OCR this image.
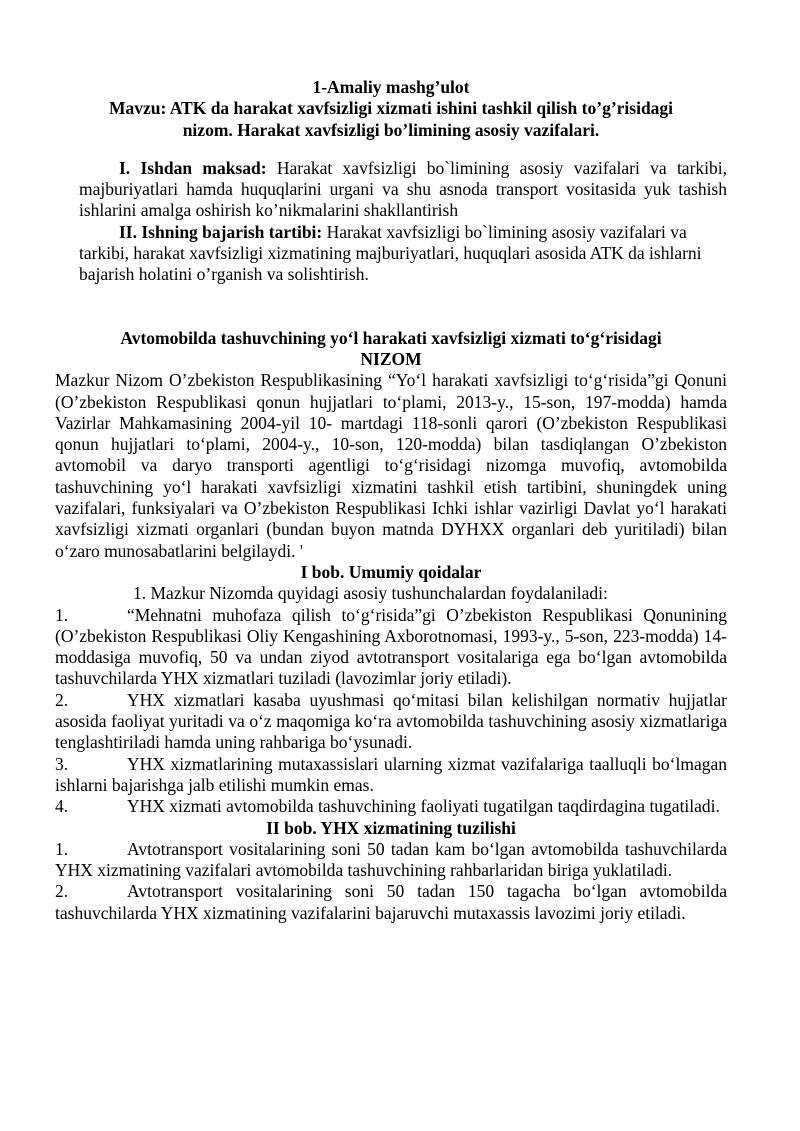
1-Amaliy mashg’ulot

Mavzu: ATK da harakat xavfsizligi xizmati ishini tashkil qilish to’g’risidagi

nizom. Harakat xavfsizligi bo’limining asosiy vazifalari.

I. Ishdan maksad: Harakat xavfsizligi bo`limining asosiy vazifalari va tarkibi, majburiyatlari hamda huquqlarini urgani va shu asnoda transport vositasida yuk tashish ishlarini amalga oshirish ko’nikmalarini shakllantirish

II. Ishning bajarish tartibi: Harakat xavfsizligi bo`limining asosiy vazifalari va tarkibi, harakat xavfsizligi xizmatining majburiyatlari, huquqlari asosida ATK da ishlarni bajarish holatini o’rganish va solishtirish.

Avtomobilda tashuvchining yo‘l harakati xavfsizligi xizmati to‘g‘risidagi

NIZOM

Mazkur Nizom O’zbekiston Respublikasining “Yo‘l harakati xavfsizligi to‘g‘risida”gi Qonuni (O’zbekiston Respublikasi qonun hujjatlari to‘plami, 2013-y., 15-son, 197-modda) hamda Vazirlar Mahkamasining 2004-yil 10- martdagi 118-sonli qarori (O’zbekiston Respublikasi qonun hujjatlari to‘plami, 2004-y., 10-son, 120-modda) bilan tasdiqlangan O’zbekiston avtomobil va daryo transporti agentligi to‘g‘risidagi nizomga muvofiq, avtomobilda tashuvchining yo‘l harakati xavfsizligi xizmatini tashkil etish tartibini, shuningdek uning vazifalari, funksiyalari va O’zbekiston Respublikasi Ichki ishlar vazirligi Davlat yo‘l harakati xavfsizligi xizmati organlari (bundan buyon matnda DYHXX organlari deb yuritiladi) bilan o‘zaro munosabatlarini belgilaydi. '

I bob. Umumiy qoidalar

1. Mazkur Nizomda quyidagi asosiy tushunchalardan foydalaniladi:

1.	“Mehnatni muhofaza qilish to‘g‘risida”gi O’zbekiston Respublikasi Qonunining (O’zbekiston Respublikasi Oliy Kengashining Axborotnomasi, 1993-y., 5-son, 223-modda) 14-moddasiga muvofiq, 50 va undan ziyod avtotransport vositalariga ega bo‘lgan avtomobilda tashuvchilarda YHX xizmatlari tuziladi (lavozimlar joriy etiladi).

2.	YHX xizmatlari kasaba uyushmasi qo‘mitasi bilan kelishilgan normativ hujjatlar asosida faoliyat yuritadi va o‘z maqomiga ko‘ra avtomobilda tashuvchining asosiy xizmatlariga tenglashtiriladi hamda uning rahbariga bo‘ysunadi.

3.	YHX xizmatlarining mutaxassislari ularning xizmat vazifalariga taalluqli bo‘lmagan ishlarni bajarishga jalb etilishi mumkin emas.

4.	YHX xizmati avtomobilda tashuvchining faoliyati tugatilgan taqdirdagina tugatiladi.

II bob. YHX xizmatining tuzilishi

1.	Avtotransport vositalarining soni 50 tadan kam bo‘lgan avtomobilda tashuvchilarda YHX xizmatining vazifalari avtomobilda tashuvchining rahbarlaridan biriga yuklatiladi.

2.	Avtotransport vositalarining soni 50 tadan 150 tagacha bo‘lgan avtomobilda tashuvchilarda YHX xizmatining vazifalarini bajaruvchi mutaxassis lavozimi joriy etiladi.
